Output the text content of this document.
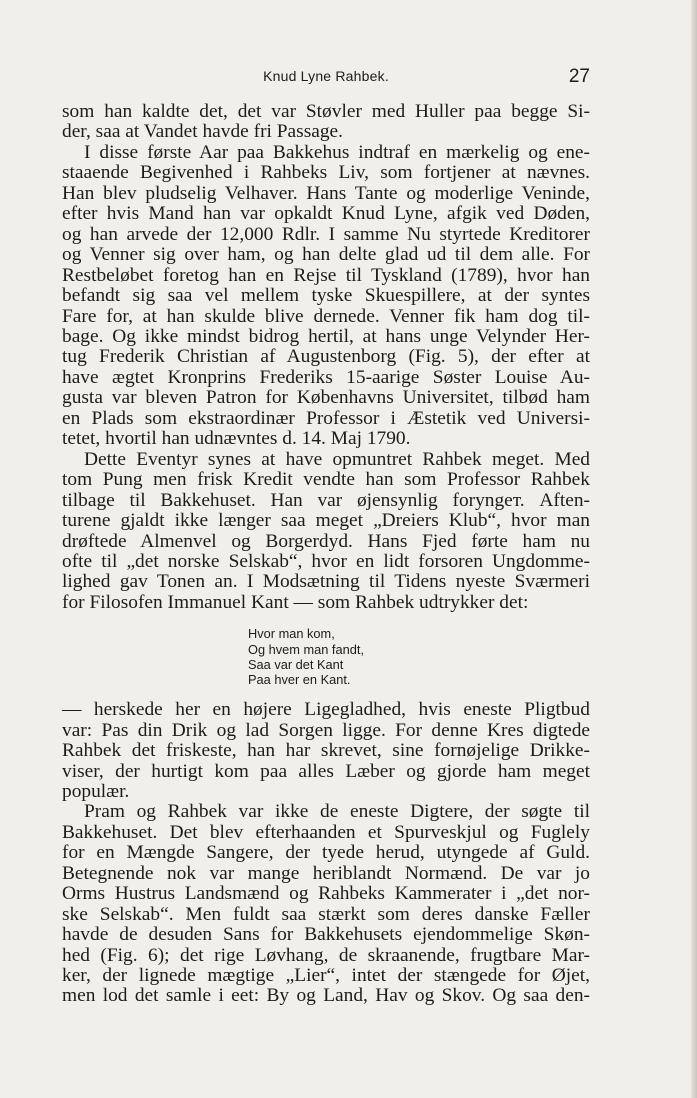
Knud Lyne Rahbek.	27
som han kaldte det, det var Støvler med Huller paa begge Si-
der, saa at Vandet havde fri Passage.
I disse første Aar paa Bakkehus indtraf en mærkelig og ene-
staaende Begivenhed i Rahbeks Liv, som fortjener at nævnes.
Han blev pludselig Velhaver. Hans Tante og moderlige Veninde,
efter hvis Mand han var opkaldt Knud Lyne, afgik ved Døden,
og han arvede der 12,000 Rdlr. I samme Nu styrtede Kreditorer
og Venner sig over ham, og han delte glad ud til dem alle. For
Restbeløbet foretog han en Rejse til Tyskland (1789), hvor han
befandt sig saa vel mellem tyske Skuespillere, at der syntes
Fare for, at han skulde blive dernede. Venner fik ham dog til-
bage. Og ikke mindst bidrog hertil, at hans unge Velynder Her-
tug Frederik Christian af Augustenborg (Fig. 5), der efter at
have ægtet Kronprins Frederiks 15-aarige Søster Louise Au-
gusta var bleven Patron for Københavns Universitet, tilbød ham
en Plads som ekstraordinær Professor i Æstetik ved Universi-
tetet, hvortil han udnævntes d. 14. Maj 1790.
Dette Eventyr synes at have opmuntret Rahbek meget. Med
tom Pung men frisk Kredit vendte han som Professor Rahbek
tilbage til Bakkehuset. Han var øjensynlig foryngет. Aften-
turene gjaldt ikke længer saa meget „Dreiers Klub“, hvor man
drøftede Almenvel og Borgerdyd. Hans Fjed førte ham nu
ofte til „det norske Selskab“, hvor en lidt forsoren Ungdomme-
lighed gav Tonen an. I Modsætning til Tidens nyeste Sværmeri
for Filosofen Immanuel Kant — som Rahbek udtrykker det:
Hvor man kom,
Og hvem man fandt,
Saa var det Kant
Paa hver en Kant.
— herskede her en højere Ligegladhed, hvis eneste Pligtbud
var: Pas din Drik og lad Sorgen ligge. For denne Kres digtede
Rahbek det friskeste, han har skrevet, sine fornøjelige Drikke-
viser, der hurtigt kom paa alles Læber og gjorde ham meget
populær.
Pram og Rahbek var ikke de eneste Digtere, der søgte til
Bakkehuset. Det blev efterhaanden et Spurveskjul og Fuglely
for en Mængde Sangere, der tyede herud, utyngede af Guld.
Betegnende nok var mange heriblandt Normænd. De var jo
Orms Hustrus Landsmænd og Rahbeks Kammerater i „det nor-
ske Selskab“. Men fuldt saa stærkt som deres danske Fæller
havde de desuden Sans for Bakkehusets ejendommelige Skøn-
hed (Fig. 6); det rige Løvhang, de skraanende, frugtbare Mar-
ker, der lignede mægtige „Lier“, intet der stængede for Øjet,
men lod det samle i eet: By og Land, Hav og Skov. Og saa den-
